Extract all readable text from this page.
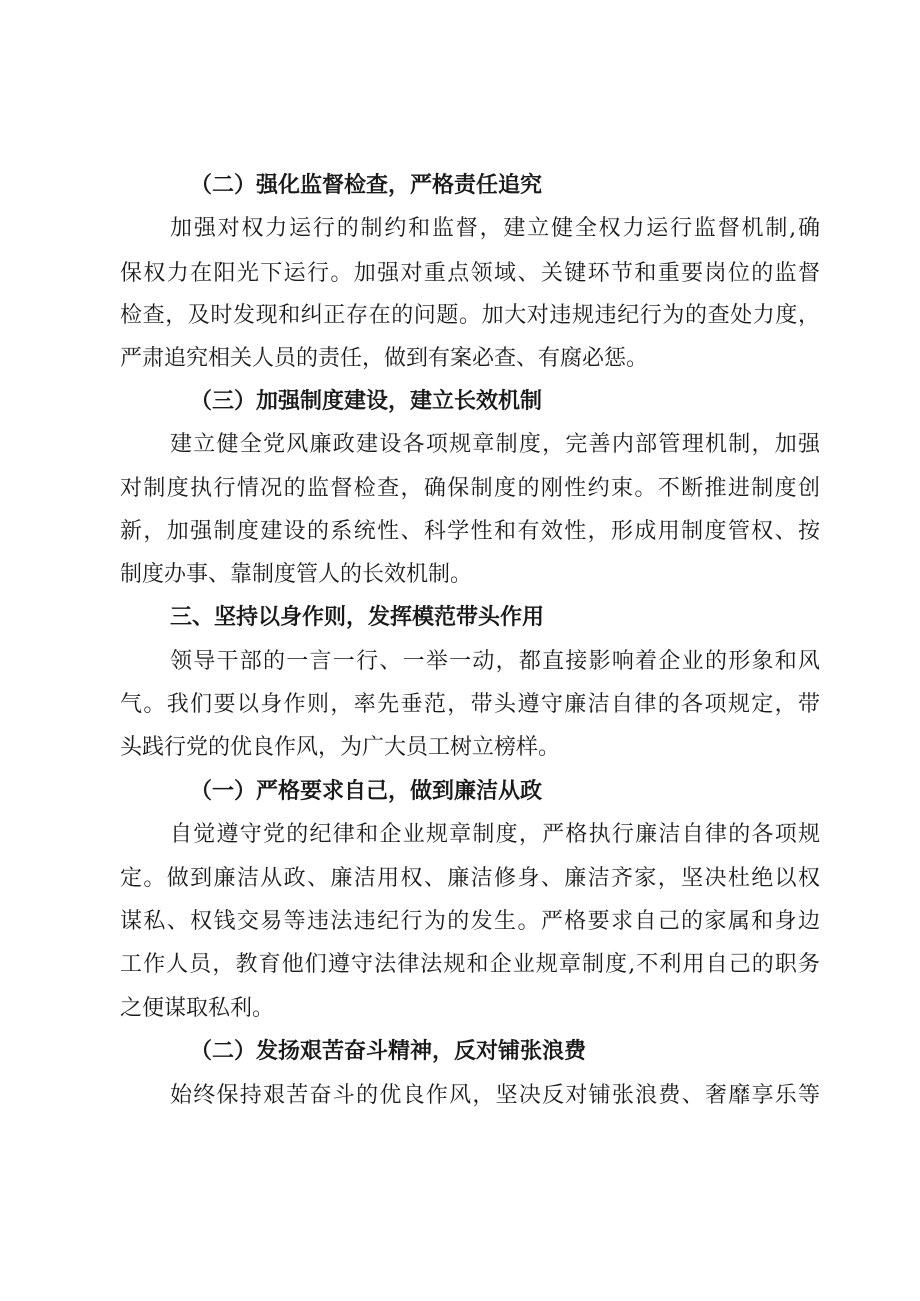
（二）强化监督检查，严格责任追究
加强对权力运行的制约和监督，建立健全权力运行监督机制,确
保权力在阳光下运行。加强对重点领域、关键环节和重要岗位的监督
检查，及时发现和纠正存在的问题。加大对违规违纪行为的查处力度，
严肃追究相关人员的责任，做到有案必查、有腐必惩。
（三）加强制度建设，建立长效机制
建立健全党风廉政建设各项规章制度，完善内部管理机制，加强
对制度执行情况的监督检查，确保制度的刚性约束。不断推进制度创
新，加强制度建设的系统性、科学性和有效性，形成用制度管权、按
制度办事、靠制度管人的长效机制。
三、坚持以身作则，发挥模范带头作用
领导干部的一言一行、一举一动，都直接影响着企业的形象和风
气。我们要以身作则，率先垂范，带头遵守廉洁自律的各项规定，带
头践行党的优良作风，为广大员工树立榜样。
（一）严格要求自己，做到廉洁从政
自觉遵守党的纪律和企业规章制度，严格执行廉洁自律的各项规
定。做到廉洁从政、廉洁用权、廉洁修身、廉洁齐家，坚决杜绝以权
谋私、权钱交易等违法违纪行为的发生。严格要求自己的家属和身边
工作人员，教育他们遵守法律法规和企业规章制度,不利用自己的职务
之便谋取私利。
（二）发扬艰苦奋斗精神，反对铺张浪费
始终保持艰苦奋斗的优良作风，坚决反对铺张浪费、奢靡享乐等
